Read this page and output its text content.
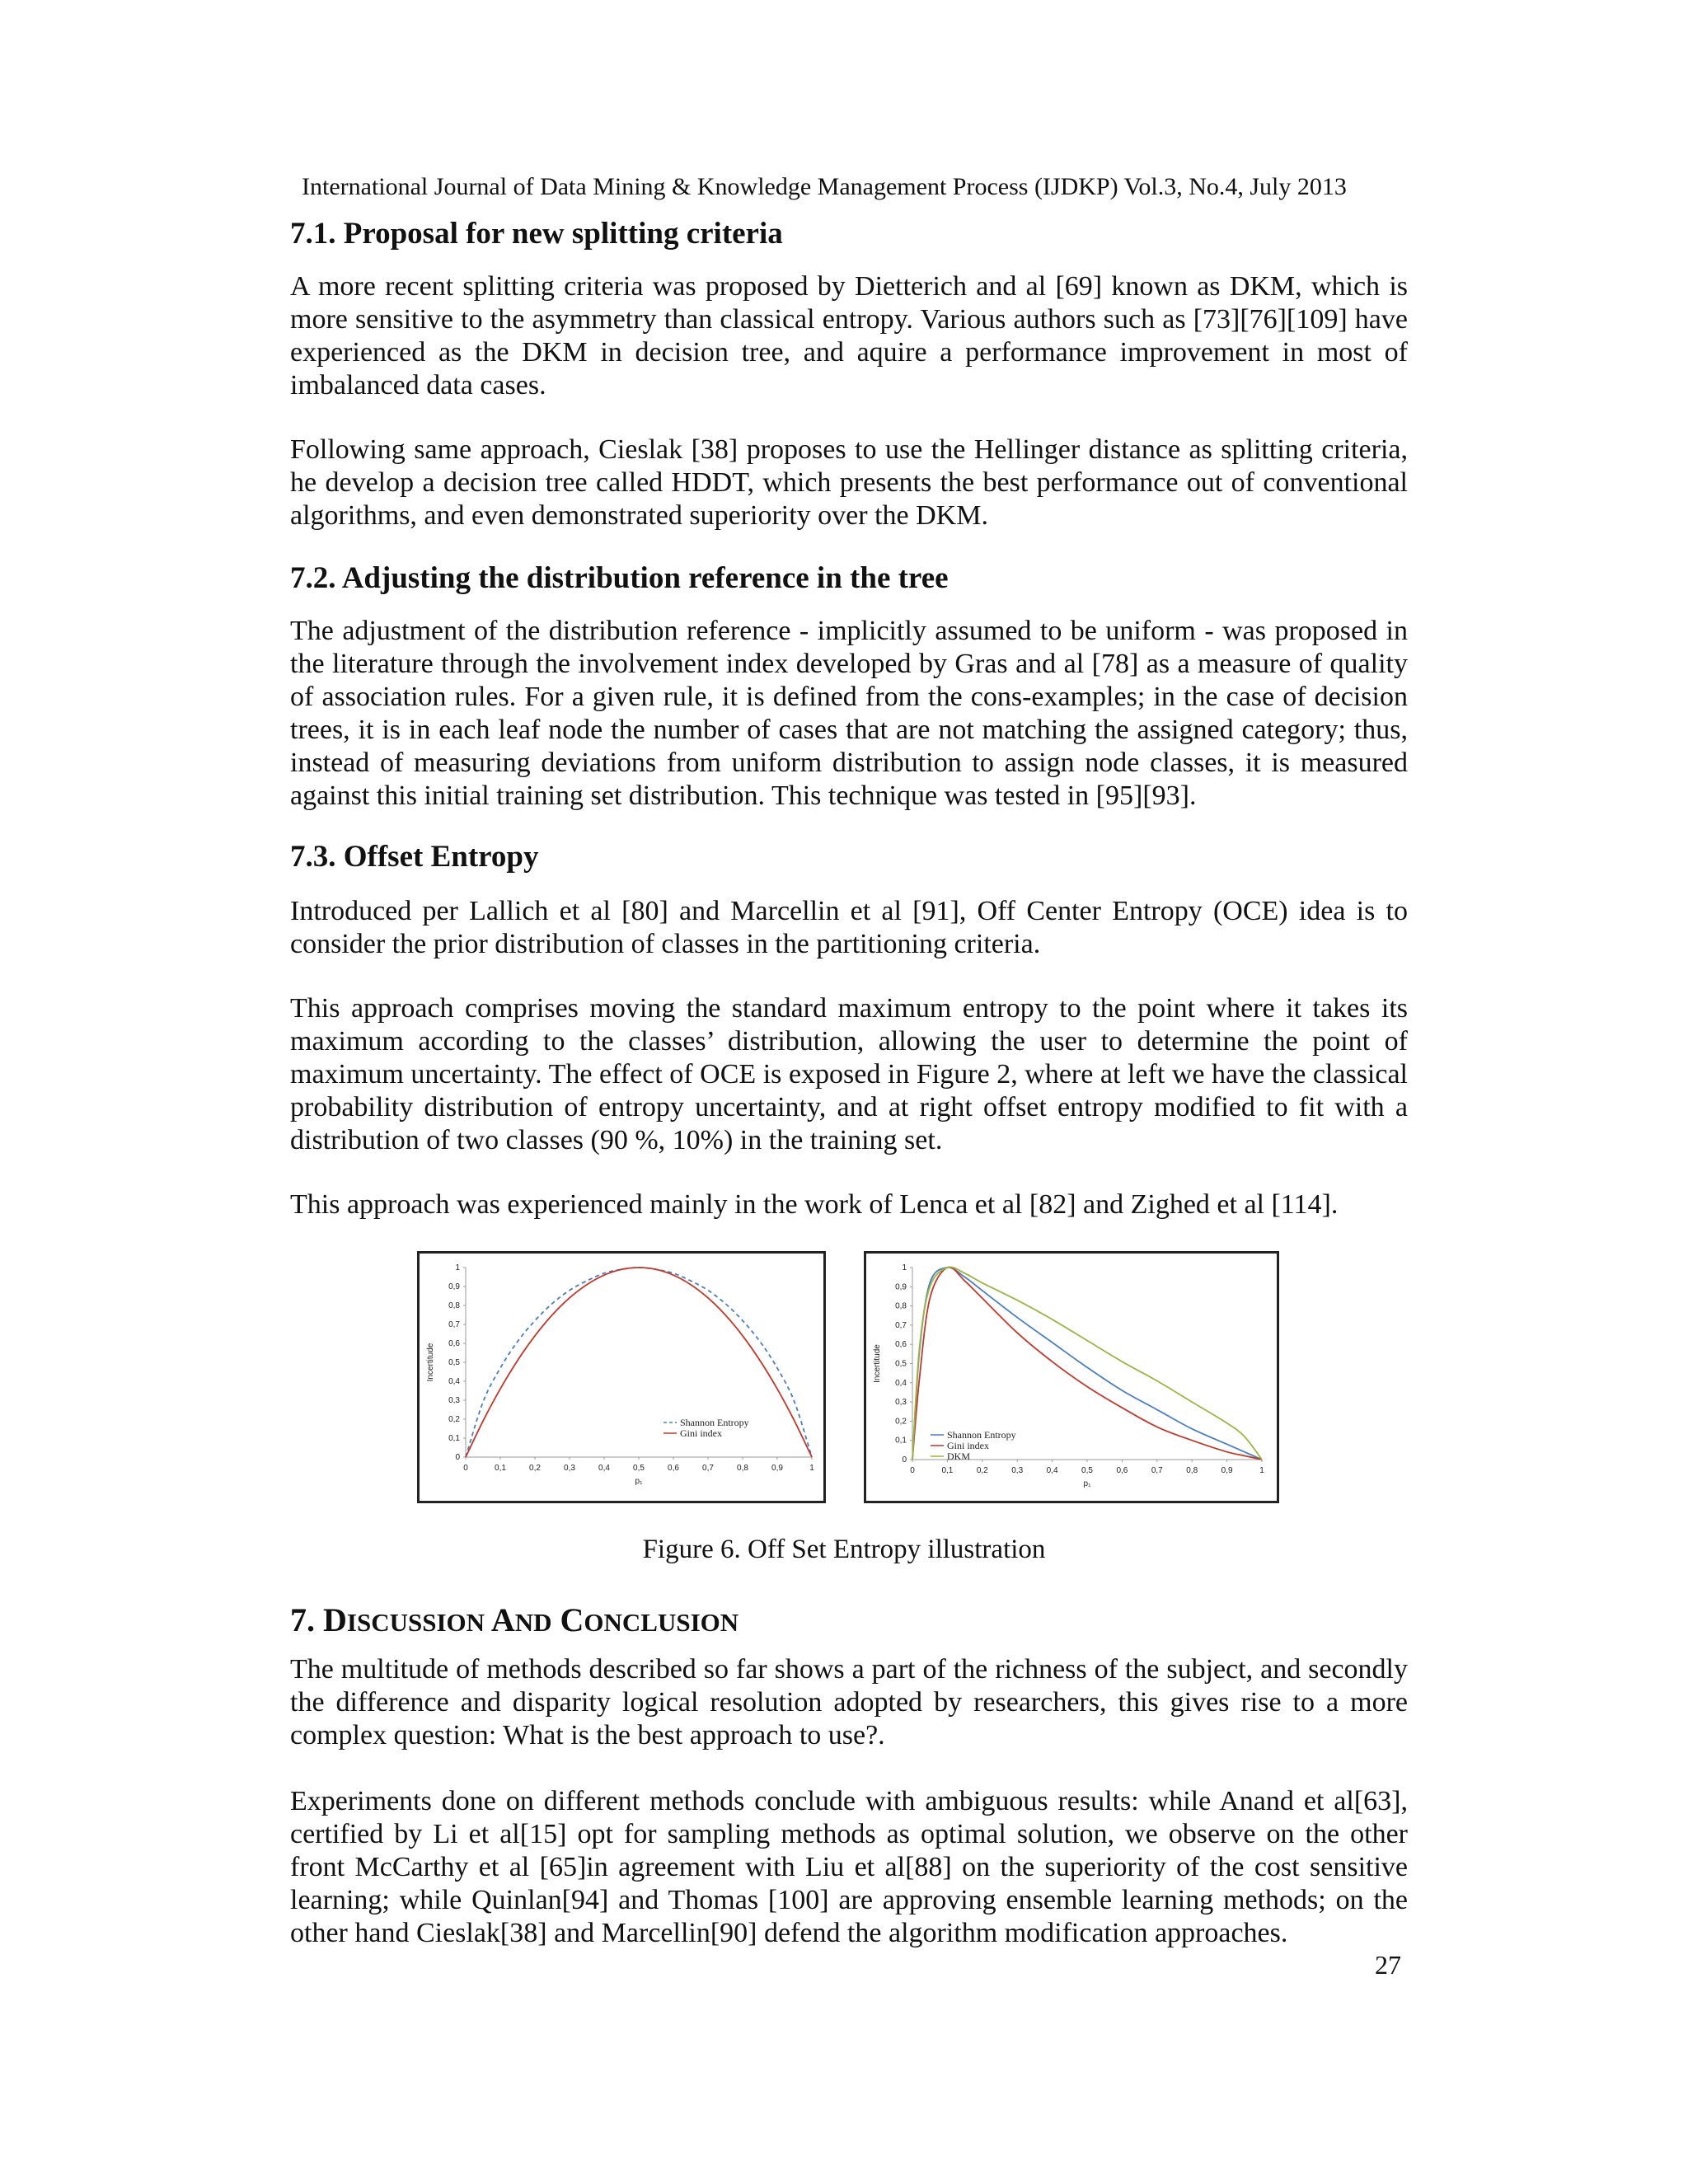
International Journal of Data Mining & Knowledge Management Process (IJDKP) Vol.3, No.4, July 2013
7.1. Proposal for new splitting criteria

A more recent splitting criteria was proposed by Dietterich and al [69] known as DKM, which is more sensitive to the asymmetry than classical entropy. Various authors such as [73][76][109] have experienced as the DKM in decision tree, and aquire a performance improvement in most of imbalanced data cases.

Following same approach, Cieslak [38] proposes to use the Hellinger distance as splitting criteria, he develop a decision tree called HDDT, which presents the best performance out of conventional algorithms, and even demonstrated superiority over the DKM.

7.2. Adjusting the distribution reference in the tree

The adjustment of the distribution reference - implicitly assumed to be uniform - was proposed in the literature through the involvement index developed by Gras and al [78] as a measure of quality of association rules. For a given rule, it is defined from the cons-examples; in the case of decision trees, it is in each leaf node the number of cases that are not matching the assigned category; thus, instead of measuring deviations from uniform distribution to assign node classes, it is measured against this initial training set distribution. This technique was tested in [95][93].

7.3. Offset Entropy

Introduced per Lallich et al [80] and Marcellin et al [91], Off Center Entropy (OCE) idea is to consider the prior distribution of classes in the partitioning criteria.

This approach comprises moving the standard maximum entropy to the point where it takes its maximum according to the classes’ distribution, allowing the user to determine the point of maximum uncertainty. The effect of OCE is exposed in Figure 2, where at left we have the classical probability distribution of entropy uncertainty, and at right offset entropy modified to fit with a distribution of two classes (90 %, 10%) in the training set.

This approach was experienced mainly in the work of Lenca et al [82] and Zighed et al [114].

0	0,1	0,2	0,3	0,4	0,5	0,6	0,7	0,8	0,9	1
0
0,1
0,2
0,3
0,4
0,5
0,6
0,7
0,8
0,9
1
p₁
Incertitude
Shannon Entropy
Gini index
0	0,1	0,2	0,3	0,4	0,5	0,6	0,7	0,8	0,9	1
0
0,1
0,2
0,3
0,4
0,5
0,6
0,7
0,8
0,9
1
p₁
Incertitude
Shannon Entropy
Gini index
DKM
Figure 6. Off Set Entropy illustration
7. DISCUSSION AND CONCLUSION

The multitude of methods described so far shows a part of the richness of the subject, and secondly the difference and disparity logical resolution adopted by researchers, this gives rise to a more complex question: What is the best approach to use?.

Experiments done on different methods conclude with ambiguous results: while Anand et al[63], certified by Li et al[15] opt for sampling methods as optimal solution, we observe on the other front McCarthy et al [65]in agreement with Liu et al[88] on the superiority of the cost sensitive learning; while Quinlan[94] and Thomas [100] are approving ensemble learning methods; on the other hand Cieslak[38] and Marcellin[90] defend the algorithm modification approaches.

27
